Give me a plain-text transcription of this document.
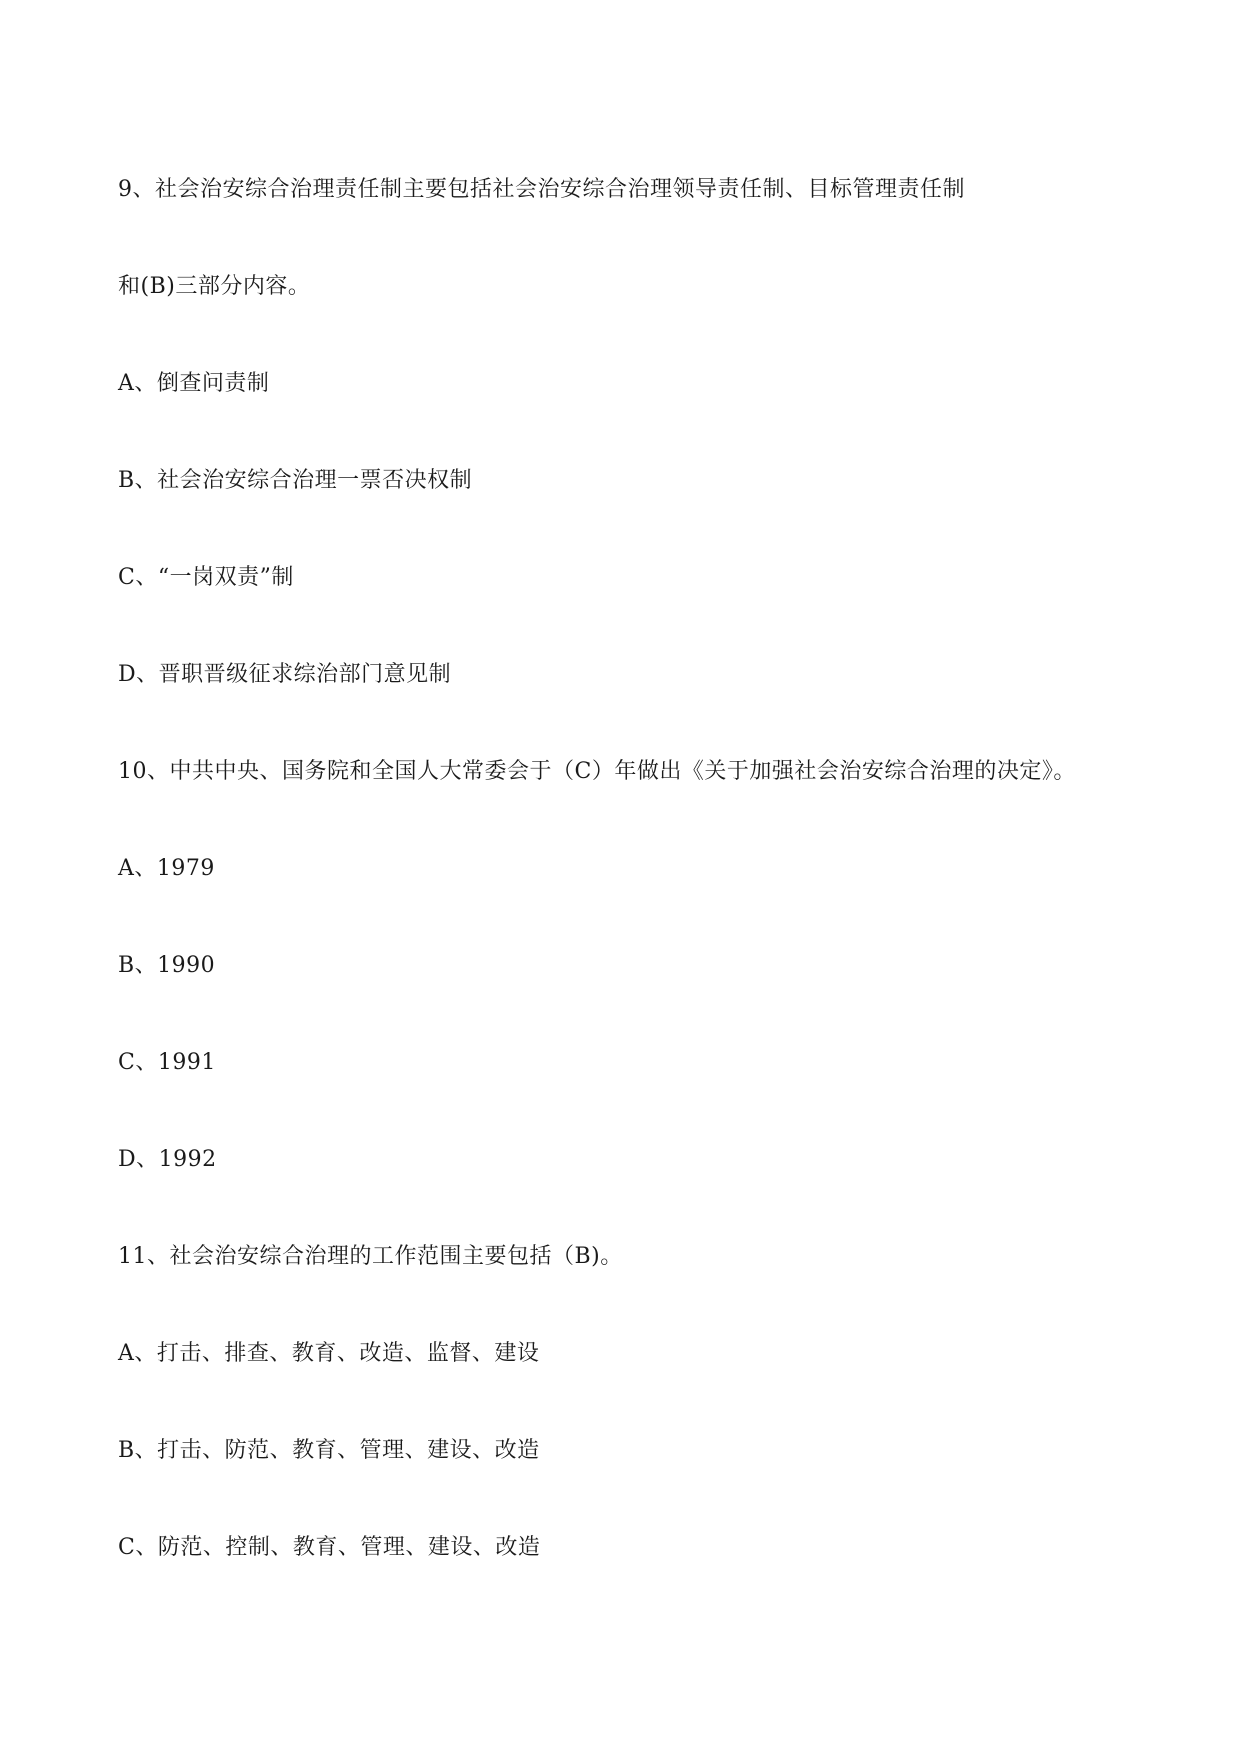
9、社会治安综合治理责任制主要包括社会治安综合治理领导责任制、目标管理责任制
和(B)三部分内容。
A、倒查问责制
B、社会治安综合治理一票否决权制
C、“一岗双责”制
D、晋职晋级征求综治部门意见制
10、中共中央、国务院和全国人大常委会于（C）年做出《关于加强社会治安综合治理的决定》。
A、1979
B、1990
C、1991
D、1992
11、社会治安综合治理的工作范围主要包括（B)。
A、打击、排查、教育、改造、监督、建设
B、打击、防范、教育、管理、建设、改造
C、防范、控制、教育、管理、建设、改造
